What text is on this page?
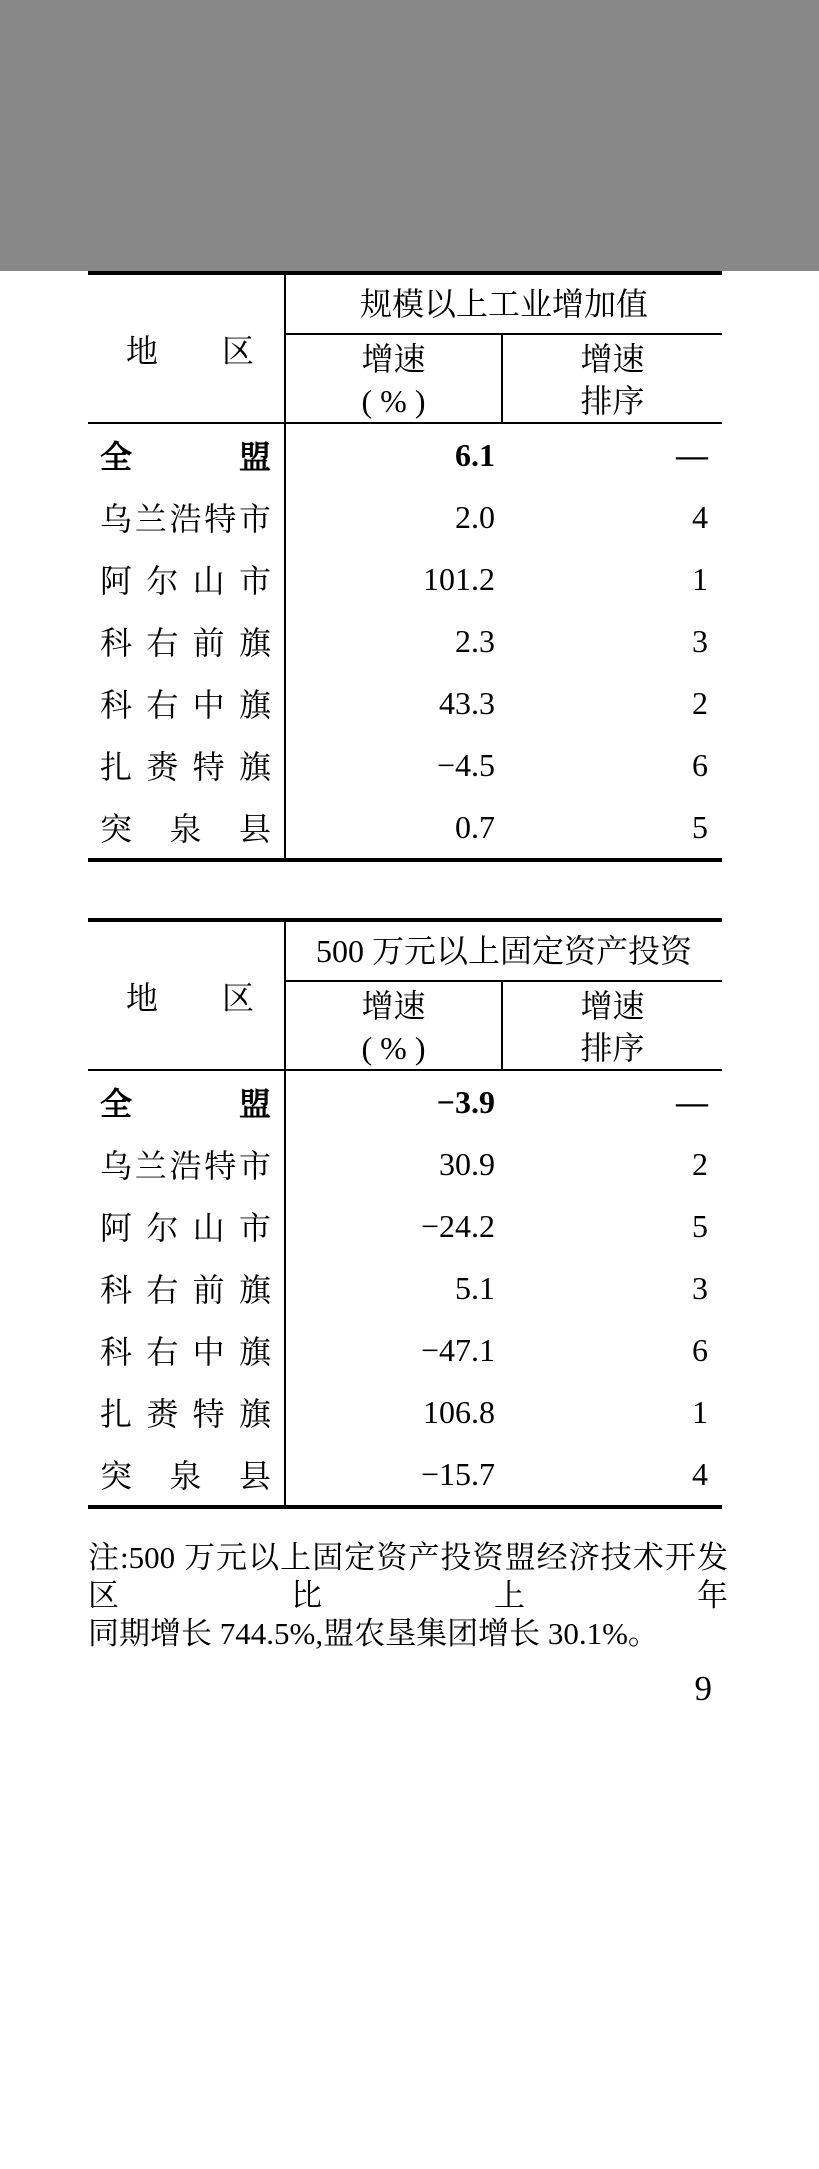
地区
规模以上工业增加值
增速
( % )
增速
排序
全盟	6.1	—
乌兰浩特市	2.0	4
阿尔山市	101.2	1
科右前旗	2.3	3
科右中旗	43.3	2
扎赉特旗	−4.5	6
突泉县	0.7	5
地区
500 万元以上固定资产投资
增速
( % )
增速
排序
全盟	−3.9	—
乌兰浩特市	30.9	2
阿尔山市	−24.2	5
科右前旗	5.1	3
科右中旗	−47.1	6
扎赉特旗	106.8	1
突泉县	−15.7	4
注:500 万元以上固定资产投资盟经济技术开发区比上年
同期增长 744.5%,盟农垦集团增长 30.1%。
9
